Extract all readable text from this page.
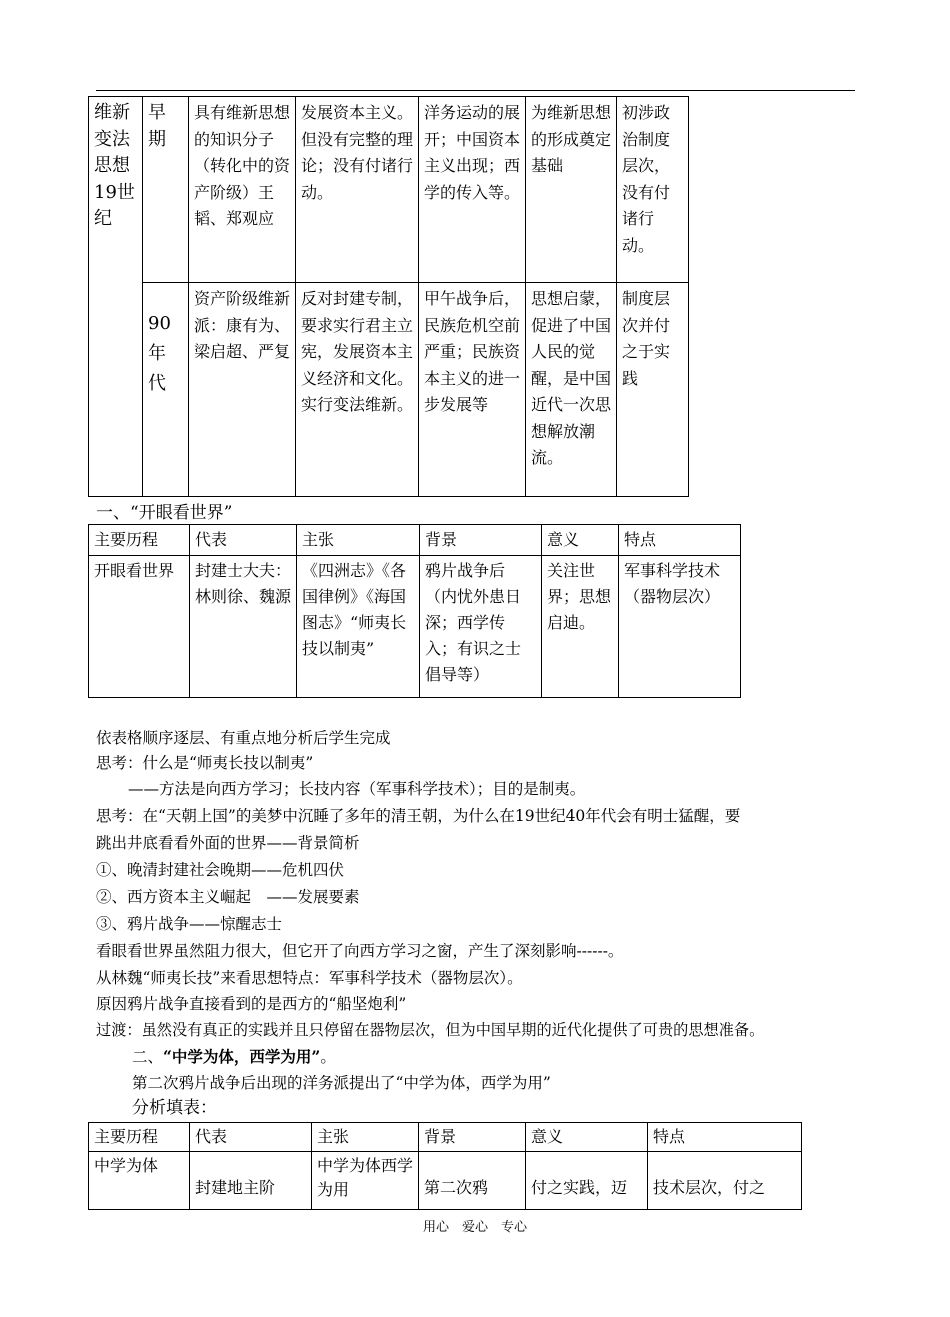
维新变法思想19世纪	早期	具有维新思想的知识分子（转化中的资产阶级）王韬、郑观应	发展资本主义。但没有完整的理论；没有付诸行动。	洋务运动的展开；中国资本主义出现；西学的传入等。	为维新思想的形成奠定基础	初涉政治制度层次，没有付诸行动。
	90年代	资产阶级维新派：康有为、梁启超、严复	反对封建专制，要求实行君主立宪，发展资本主义经济和文化。实行变法维新。	甲午战争后，民族危机空前严重；民族资本主义的进一步发展等	思想启蒙，促进了中国人民的觉醒，是中国近代一次思想解放潮流。	制度层次并付之于实践
一、“开眼看世界”
主要历程	代表	主张	背景	意义	特点
开眼看世界	封建士大夫：林则徐、魏源	《四洲志》《各国律例》《海国图志》“师夷长技以制夷”	鸦片战争后（内忧外患日深；西学传入；有识之士倡导等）	关注世界；思想启迪。	军事科学技术（器物层次）
依表格顺序逐层、有重点地分析后学生完成
思考：什么是“师夷长技以制夷”
——方法是向西方学习；长技内容（军事科学技术）；目的是制夷。
思考：在“天朝上国”的美梦中沉睡了多年的清王朝，为什么在19世纪40年代会有明士猛醒，要
跳出井底看看外面的世界——背景简析
①、晚清封建社会晚期——危机四伏
②、西方资本主义崛起　——发展要素
③、鸦片战争——惊醒志士
看眼看世界虽然阻力很大，但它开了向西方学习之窗，产生了深刻影响------。
从林魏“师夷长技”来看思想特点：军事科学技术（器物层次）。
原因鸦片战争直接看到的是西方的“船坚炮利”
过渡：虽然没有真正的实践并且只停留在器物层次，但为中国早期的近代化提供了可贵的思想准备。
二、“中学为体，西学为用”。
第二次鸦片战争后出现的洋务派提出了“中学为体，西学为用”
分析填表：
主要历程	代表	主张	背景	意义	特点
中学为体	封建地主阶	中学为体西学为用	第二次鸦	付之实践，迈	技术层次，付之
用心　爱心　专心
